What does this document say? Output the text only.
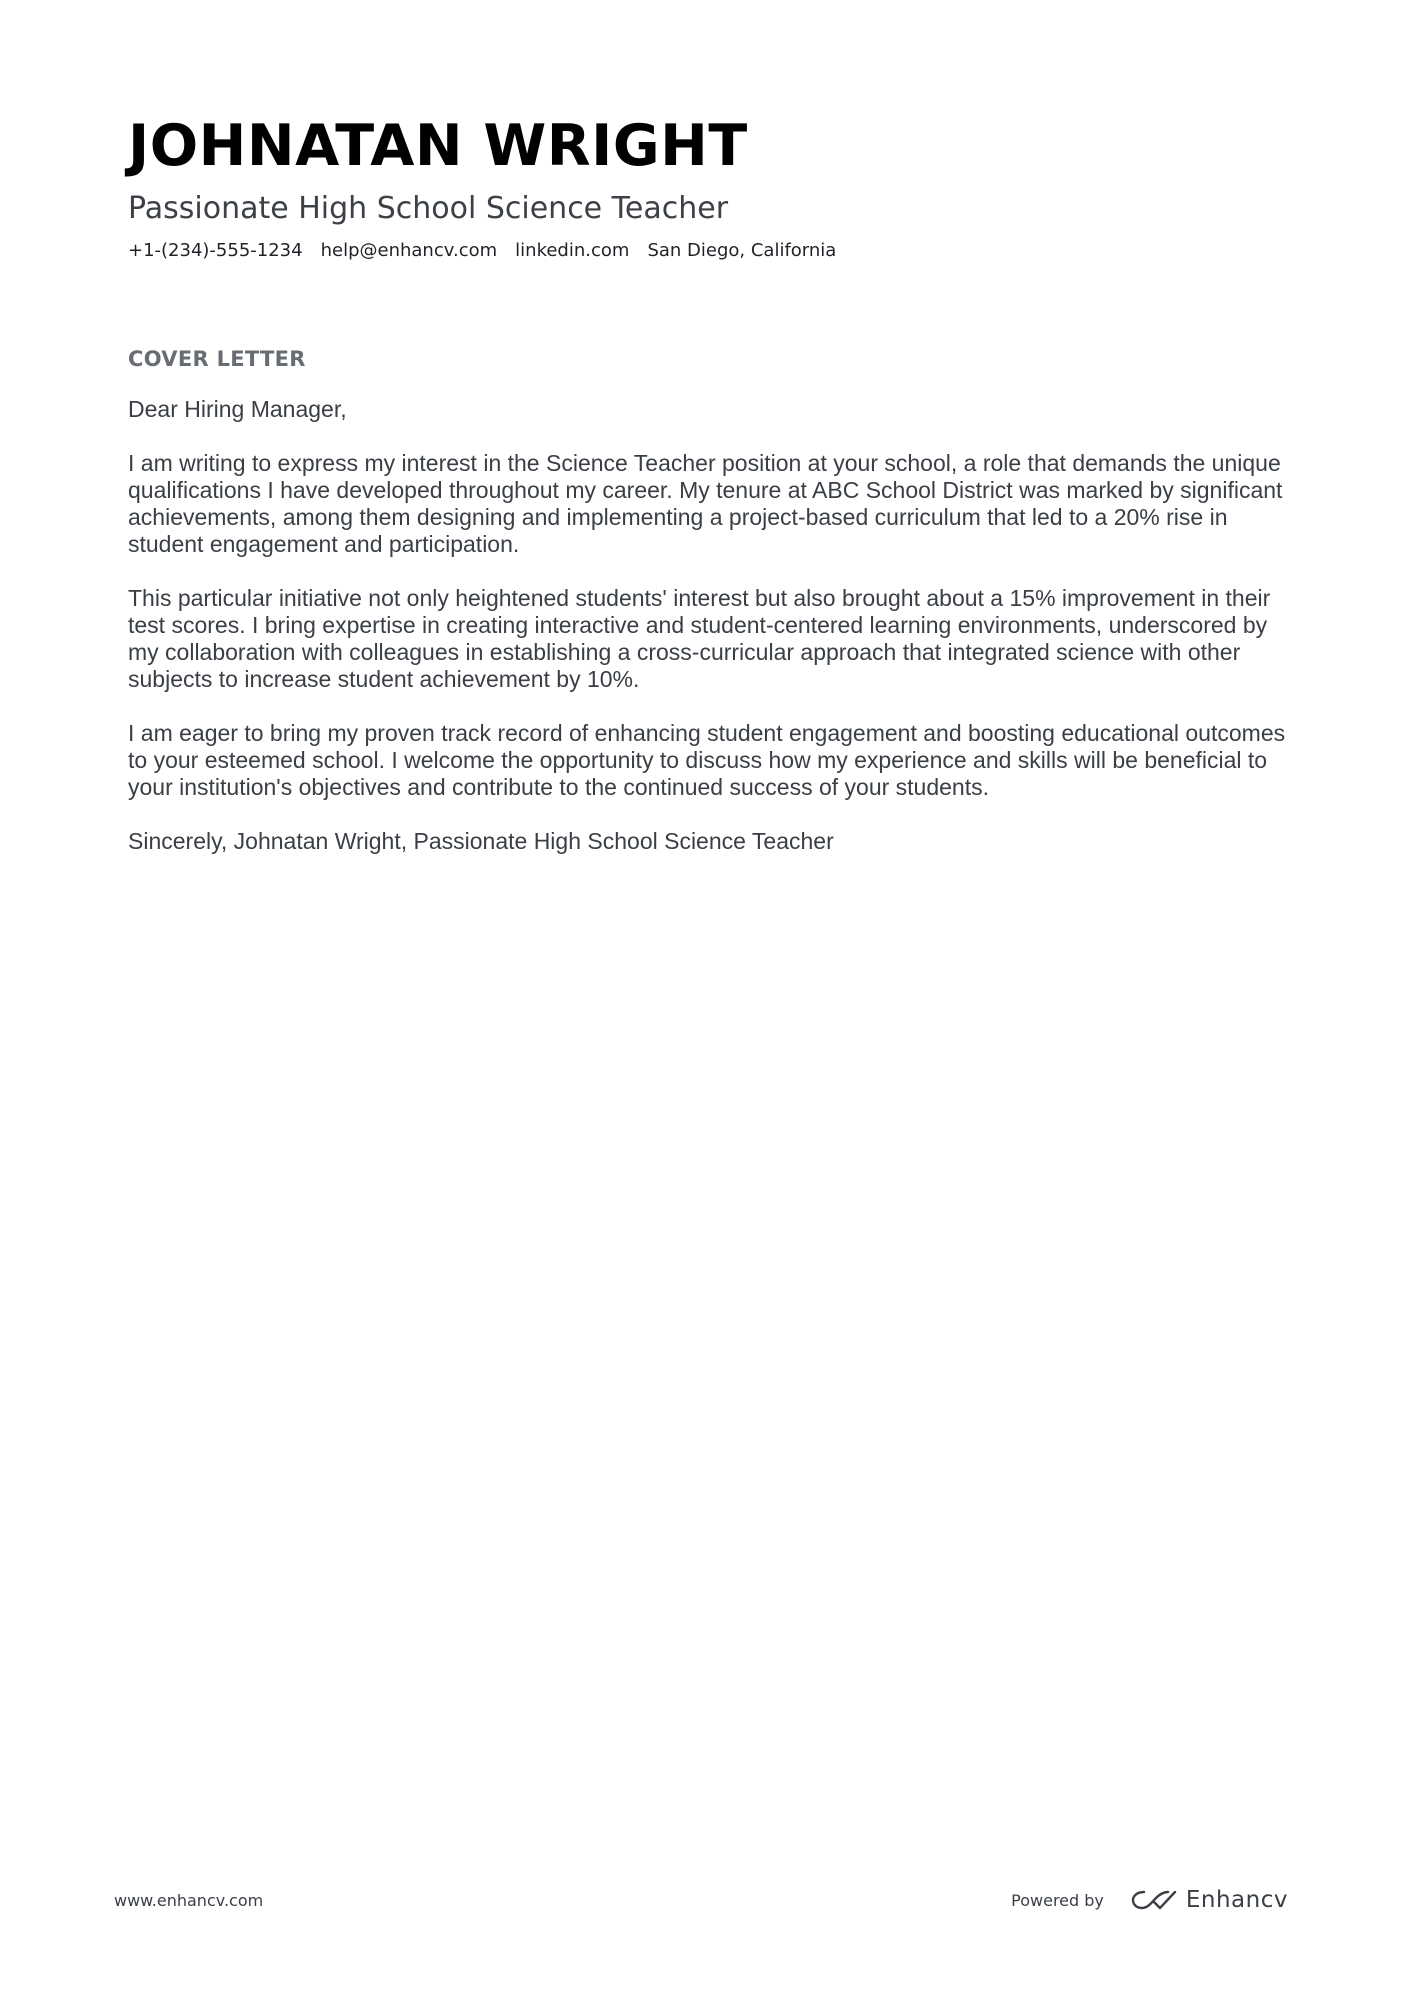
JOHNATAN WRIGHT
Passionate High School Science Teacher
+1-(234)-555-1234 help@enhancv.com linkedin.com San Diego, California
COVER LETTER

Dear Hiring Manager,

I am writing to express my interest in the Science Teacher position at your school, a role that demands the unique qualifications I have developed throughout my career. My tenure at ABC School District was marked by significant achievements, among them designing and implementing a project-based curriculum that led to a 20% rise in student engagement and participation.

This particular initiative not only heightened students' interest but also brought about a 15% improvement in their test scores. I bring expertise in creating interactive and student-centered learning environments, underscored by my collaboration with colleagues in establishing a cross-curricular approach that integrated science with other subjects to increase student achievement by 10%.

I am eager to bring my proven track record of enhancing student engagement and boosting educational outcomes to your esteemed school. I welcome the opportunity to discuss how my experience and skills will be beneficial to your institution's objectives and contribute to the continued success of your students.

Sincerely, Johnatan Wright, Passionate High School Science Teacher

www.enhancv.com	Powered by	Enhancv
